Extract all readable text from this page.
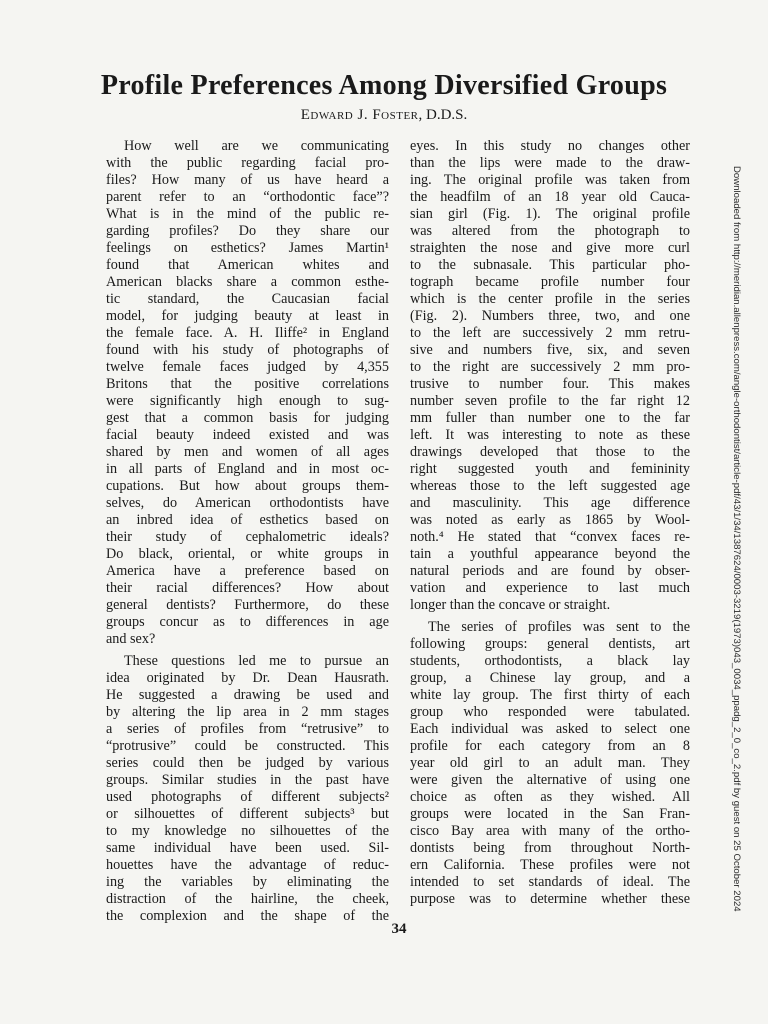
Profile Preferences Among Diversified Groups

Edward J. Foster, D.D.S.

How well are we communicating
with the public regarding facial pro-
files? How many of us have heard a
parent refer to an “orthodontic face”?
What is in the mind of the public re-
garding profiles? Do they share our
feelings on esthetics? James Martin¹
found that American whites and
American blacks share a common esthe-
tic standard, the Caucasian facial
model, for judging beauty at least in
the female face. A. H. Iliffe² in England
found with his study of photographs of
twelve female faces judged by 4,355
Britons that the positive correlations
were significantly high enough to sug-
gest that a common basis for judging
facial beauty indeed existed and was
shared by men and women of all ages
in all parts of England and in most oc-
cupations. But how about groups them-
selves, do American orthodontists have
an inbred idea of esthetics based on
their study of cephalometric ideals?
Do black, oriental, or white groups in
America have a preference based on
their racial differences? How about
general dentists? Furthermore, do these
groups concur as to differences in age
and sex?
These questions led me to pursue an
idea originated by Dr. Dean Hausrath.
He suggested a drawing be used and
by altering the lip area in 2 mm stages
a series of profiles from “retrusive” to
“protrusive” could be constructed. This
series could then be judged by various
groups. Similar studies in the past have
used photographs of different subjects²
or silhouettes of different subjects³ but
to my knowledge no silhouettes of the
same individual have been used. Sil-
houettes have the advantage of reduc-
ing the variables by eliminating the
distraction of the hairline, the cheek,
the complexion and the shape of the
eyes. In this study no changes other
than the lips were made to the draw-
ing. The original profile was taken from
the headfilm of an 18 year old Cauca-
sian girl (Fig. 1). The original profile
was altered from the photograph to
straighten the nose and give more curl
to the subnasale. This particular pho-
tograph became profile number four
which is the center profile in the series
(Fig. 2). Numbers three, two, and one
to the left are successively 2 mm retru-
sive and numbers five, six, and seven
to the right are successively 2 mm pro-
trusive to number four. This makes
number seven profile to the far right 12
mm fuller than number one to the far
left. It was interesting to note as these
drawings developed that those to the
right suggested youth and femininity
whereas those to the left suggested age
and masculinity. This age difference
was noted as early as 1865 by Wool-
noth.⁴ He stated that “convex faces re-
tain a youthful appearance beyond the
natural periods and are found by obser-
vation and experience to last much
longer than the concave or straight.
The series of profiles was sent to the
following groups: general dentists, art
students, orthodontists, a black lay
group, a Chinese lay group, and a
white lay group. The first thirty of each
group who responded were tabulated.
Each individual was asked to select one
profile for each category from an 8
year old girl to an adult man. They
were given the alternative of using one
choice as often as they wished. All
groups were located in the San Fran-
cisco Bay area with many of the ortho-
dontists being from throughout North-
ern California. These profiles were not
intended to set standards of ideal. The
purpose was to determine whether these	Downloaded from http://meridian.allenpress.com/angle-orthodontist/article-pdf/43/1/34/1387624/0003-3219(1973)043_0034_ppadg_2_0_co_2.pdf by guest on 25 October 2024
34
